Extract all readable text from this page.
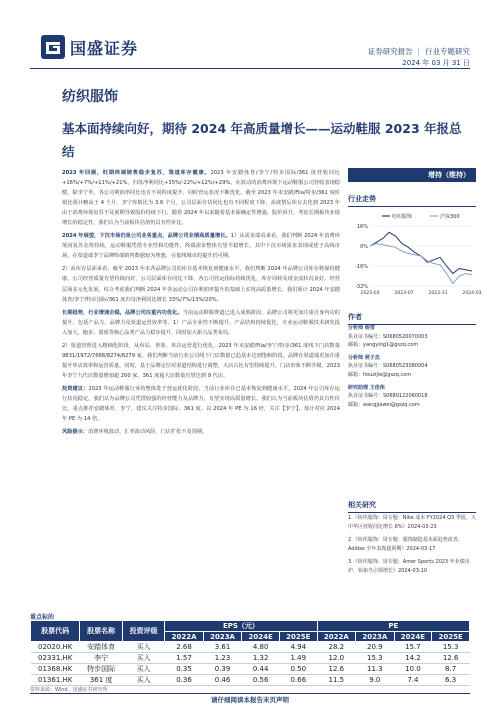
国盛证券	证券研究报告 ｜ 行业专题研究
2024 年 03 月 31 日
纺织服饰
基本面持续向好，期待 2024 年高质量增长——运动鞋服 2023 年报总结

2023 年回顾，旺期终端销售稳步复苏，渠道库存健康。2023 年安踏体育/李宁/特步国际/361 度营收同比+16%/+7%/+11%/+21%，归母净利同比+35%/-22%/+12%/+29%。在波动的消费环境下运动鞋服公司营收表现稳健，除李宁外，各公司利润率同比也有不同程度提升，同时营运状况不断优化。截至 2023 年末安踏/Fila/特步/361 度库销比预计略高于 4 个月，李宁库销比为 3.6 个月。公司层面存货同比也有不同程度下降，从疫情后库存去化到 2023 年由于消费环境复苏不及预期导致股价持续下行，随着 2024 年以来随着基本面确定性增强，股价回升，考虑长期板块业绩增长的稳定性，我们认为当前板块估值仍具有性价比。

2024 年展望，下沉市场仍是公司业务重点，品牌公司业绩高质量增长。1）从需求端看来看，我们判断 2024 年消费环境因复苏态势持续，运动鞋服凭借专业性和功能性，终端需求整体有望平稳增长，其中下沉市场需求表现或优于高线市场，在渠道端李宁品牌终端销售数据较为理想，在低线城市的提升仍可期。

2）从库存层面来看，截至 2023 年末各品牌公司的库存基本恢复到健康水平，我们判断 2024 年品牌公司库存将保持健康，公司经营质量有望持续向好。公司层面库存同比下降，各公司营运指标持续优化，库存周转及现金流状况良好。经营层面多元化发展，综合考虑我们判断 2024 年各运动公司在利润率提升的基础上实现高质量增长，我们预计 2024 年安踏体育/李宁/特步国际/361 度归母净利同比增长 33%/7%/13%/20%。

长期趋势，行业增速企稳，品牌公司注重内功优化。当前运动鞋服赛道已进入成熟阶段，品牌公司将更加注重自身内功的提升，包括产品力、品牌力及渠道运营效率等。1）产品专业性不断提升，产品结构持续优化，专业运动鞋服技术研发投入加大，跑步、篮球等核心品类产品力稳步提升，同时加大新兴品类布局。

2）渠道管理进入精细化阶段，从布局、形象、单店运营进行优化。2023 年末安踏/Fila/李宁/特步/361 度线下门店数量 9831/1972/7668/8274/8279 家，我们判断当前行业公司线下门店数量已趋基本达到饱和阶段。品牌在渠道端更加注重提升单店效率和运营质量。同时，基于品牌定位对渠道结构进行调整，大店占比有望持续提升，门店形象不断升级。2023 年李宁九代店数量增加超 200 家，361 度超大店数量有望达到 9 代店。

投资建议：2023 年运动鞋服行业的整体处于营运优化阶段，当前行业库存已基本恢复到健康水平，2024 年公司库存运行状况稳定，我们认为品牌公司凭借较强的经营能力及品牌力，有望实现高质量增长。我们认为当前板块估值仍具有性价比，重点推荐安踏体育、李宁，建议关注特步国际、361 度。以 2024 年 PE 为 16 倍，关注【李宁】，预计对应 2024 年 PE 为 14 倍。

风险提示：消费环境波动，汇率波动风险，门店扩张不及预期。

增持（维持）
行业走势
纺织服饰	沪深300
16%
0%
-16%
-32%
2023-03	2023-07	2023-11	2024-03
作者
分析师 杨莹
执业证书编号：S0680520070003
邮箱：yangying1@gszq.com
分析师 侯子杰
执业证书编号：S0680523080004
邮箱：houzijie@gszq.com
研究助理 王佳伟
执业证书编号：S0680122060018
邮箱：wangjiawei@gszq.com
相关研究
1.《纺织服饰：周专题：Nike 成本 FY2024 Q3 季报，大中华区营收同比增长 6%》2024-03-23
2.《纺织服饰：周专题：服饰制造基本面趋势改善，Adidas 全年表现超预期》2024-03-17
3.《纺织服饰：周专题：Amer Sports 2023 年业绩出炉，始祖鸟引领增长》2024-03-10
重点标的
股票代码	股票名称	投资评级	EPS（元）				PE			
			2022A	2023A	2024E	2025E	2022A	2023A	2024E	2025E
02020.HK	安踏体育	买入	2.68	3.61	4.80	4.94	28.2	20.9	15.7	15.3
02331.HK	李宁	买入	1.57	1.23	1.32	1.49	12.0	15.3	14.2	12.6
01368.HK	特步国际	买入	0.35	0.39	0.44	0.50	12.6	11.3	10.0	8.7
01361.HK	361 度	买入	0.36	0.46	0.56	0.66	11.5	9.0	7.4	6.3
资料来源：Wind，国盛证券研究所
请仔细阅读本报告末页声明
